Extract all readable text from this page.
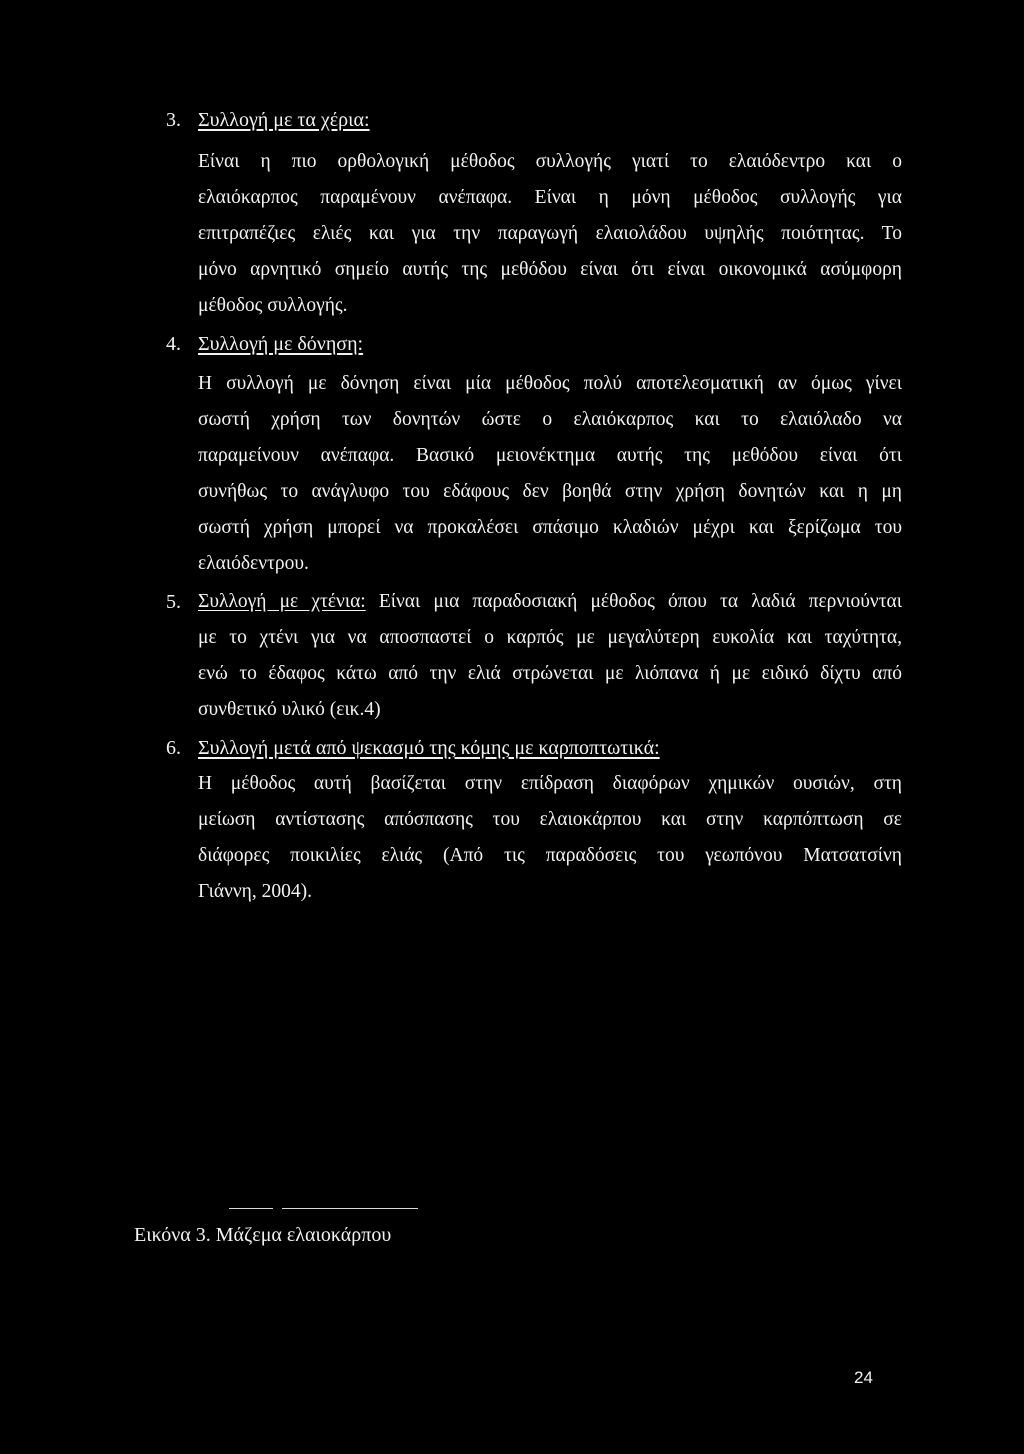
3. Συλλογή με τα χέρια:
Είναι η πιο ορθολογική μέθοδος συλλογής γιατί το ελαιόδεντρο και ο
ελαιόκαρπος παραμένουν ανέπαφα. Είναι η μόνη μέθοδος συλλογής για
επιτραπέζιες ελιές και για την παραγωγή ελαιολάδου υψηλής ποιότητας. Το
μόνο αρνητικό σημείο αυτής της μεθόδου είναι ότι είναι οικονομικά ασύμφορη
μέθοδος συλλογής.
4. Συλλογή με δόνηση:
Η συλλογή με δόνηση είναι μία μέθοδος πολύ αποτελεσματική αν όμως γίνει
σωστή χρήση των δονητών ώστε ο ελαιόκαρπος και το ελαιόλαδο να
παραμείνουν ανέπαφα. Βασικό μειονέκτημα αυτής της μεθόδου είναι ότι
συνήθως το ανάγλυφο του εδάφους δεν βοηθά στην χρήση δονητών και η μη
σωστή χρήση μπορεί να προκαλέσει σπάσιμο κλαδιών μέχρι και ξερίζωμα του
ελαιόδεντρου.
5. Συλλογή με χτένια: Είναι μια παραδοσιακή μέθοδος όπου τα λαδιά περνιούνται
με το χτένι για να αποσπαστεί ο καρπός με μεγαλύτερη ευκολία και ταχύτητα,
ενώ το έδαφος κάτω από την ελιά στρώνεται με λιόπανα ή με ειδικό δίχτυ από
συνθετικό υλικό (εικ.4)
6. Συλλογή μετά από ψεκασμό της κόμης με καρποπτωτικά:
Η μέθοδος αυτή βασίζεται στην επίδραση διαφόρων χημικών ουσιών, στη
μείωση αντίστασης απόσπασης του ελαιοκάρπου και στην καρπόπτωση σε
διάφορες ποικιλίες ελιάς (Από τις παραδόσεις του γεωπόνου Ματσατσίνη
Γιάννη, 2004).
Εικόνα 3. Μάζεμα ελαιοκάρπου
24
